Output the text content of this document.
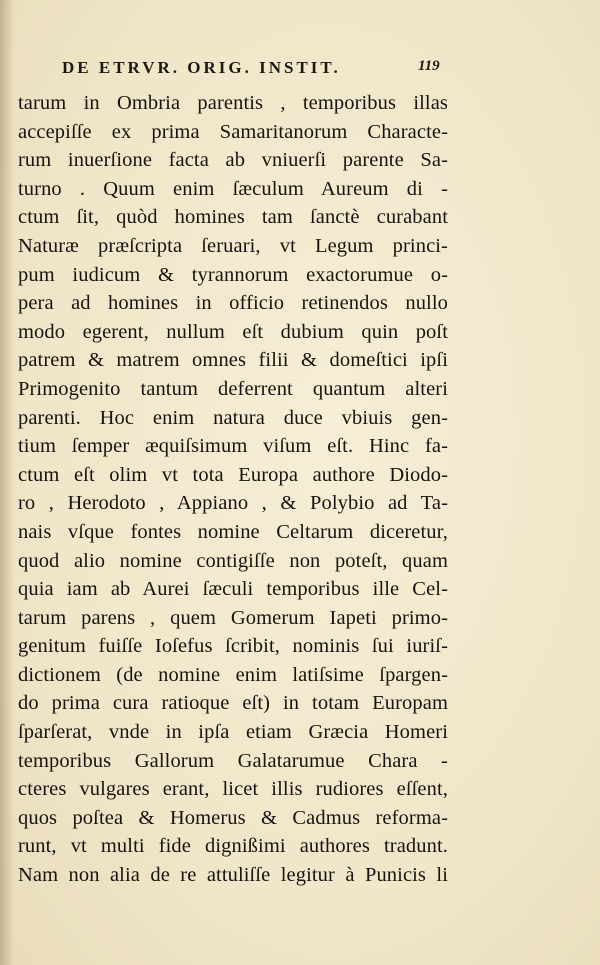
DE ETRVR. ORIG. INSTIT.	119
tarum in Ombria parentis , temporibus illas
accepiſſe ex prima Samaritanorum Characte-
rum inuerſione facta ab vniuerſi parente Sa-
turno . Quum enim ſæculum Aureum di -
ctum ſit, quòd homines tam ſanctè curabant
Naturæ præſcripta ſeruari, vt Legum princi-
pum iudicum & tyrannorum exactorumue o-
pera ad homines in officio retinendos nullo
modo egerent, nullum eſt dubium quin poſt
patrem & matrem omnes filii & domeſtici ipſi
Primogenito tantum deferrent quantum alteri
parenti. Hoc enim natura duce vbiuis gen-
tium ſemper æquiſsimum viſum eſt. Hinc fa-
ctum eſt olim vt tota Europa authore Diodo-
ro , Herodoto , Appiano , & Polybio ad Ta-
nais vſque fontes nomine Celtarum diceretur,
quod alio nomine contigiſſe non poteſt, quam
quia iam ab Aurei ſæculi temporibus ille Cel-
tarum parens , quem Gomerum Iapeti primo-
genitum fuiſſe Ioſefus ſcribit, nominis ſui iuriſ-
dictionem (de nomine enim latiſsime ſpargen-
do prima cura ratioque eſt) in totam Europam
ſparſerat, vnde in ipſa etiam Græcia Homeri
temporibus Gallorum Galatarumue Chara -
cteres vulgares erant, licet illis rudiores eſſent,
quos poſtea & Homerus & Cadmus reforma-
runt, vt multi fide dignißimi authores tradunt.
Nam non alia de re attuliſſe legitur à Punicis li
